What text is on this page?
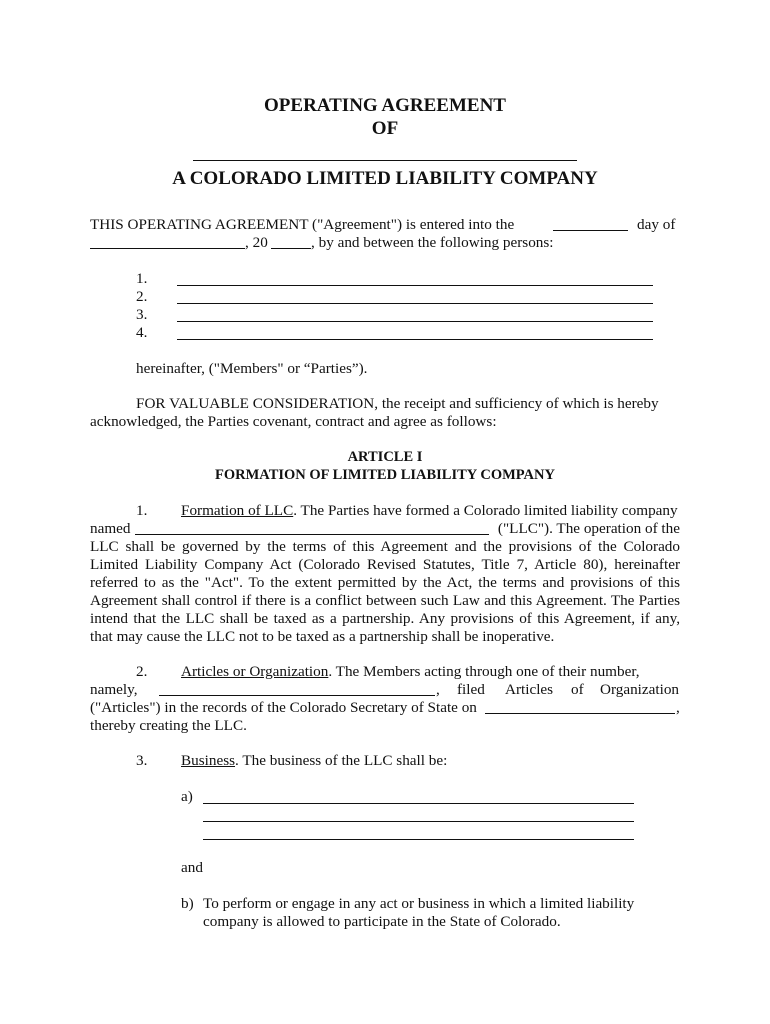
OPERATING AGREEMENT
OF
A COLORADO LIMITED LIABILITY COMPANY
THIS OPERATING AGREEMENT ("Agreement") is entered into the	day of
, 20	, by and between the following persons:
1.
2.
3.
4.
hereinafter, ("Members" or “Parties”).
FOR VALUABLE CONSIDERATION, the receipt and sufficiency of which is hereby
acknowledged, the Parties covenant, contract and agree as follows:
ARTICLE I
FORMATION OF LIMITED LIABILITY COMPANY
1. Formation of LLC. The Parties have formed a Colorado limited liability company
named	("LLC"). The operation of the
LLC shall be governed by the terms of this Agreement and the provisions of the Colorado
Limited Liability Company Act (Colorado Revised Statutes, Title 7, Article 80), hereinafter
referred to as the "Act". To the extent permitted by the Act, the terms and provisions of this
Agreement shall control if there is a conflict between such Law and this Agreement. The Parties
intend that the LLC shall be taxed as a partnership. Any provisions of this Agreement, if any,
that may cause the LLC not to be taxed as a partnership shall be inoperative.
2. Articles or Organization. The Members acting through one of their number,
namely,	, filed Articles of Organization
("Articles") in the records of the Colorado Secretary of State on	,
thereby creating the LLC.
3. Business. The business of the LLC shall be:
a)
and
b) To perform or engage in any act or business in which a limited liability
company is allowed to participate in the State of Colorado.
